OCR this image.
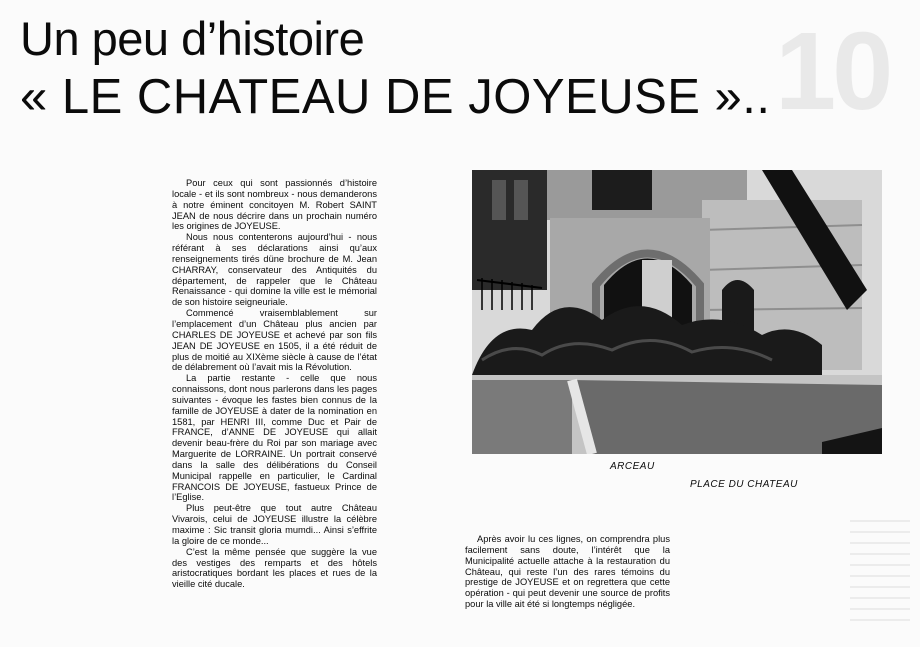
10
Un peu d’histoire
« LE CHATEAU DE JOYEUSE »..

Pour ceux qui sont passionnés d’histoire locale - et ils sont nombreux - nous demanderons à notre éminent concitoyen M. Robert SAINT JEAN de nous décrire dans un prochain numéro les origines de JOYEUSE.

Nous nous contenterons aujourd’hui - nous référant à ses déclarations ainsi qu’aux renseignements tirés düne brochure de M. Jean CHARRAY, conservateur des Antiquités du département, de rappeler que le Château Renaissance - qui domine la ville est le mémorial de son histoire seigneuriale.

Commencé vraisemblablement sur l’emplacement d’un Château plus ancien par CHARLES DE JOYEUSE et achevé par son fils JEAN DE JOYEUSE en 1505, il a été réduit de plus de moitié au XIXème siècle à cause de l’état de délabrement où l’avait mis la Révolution.

La partie restante - celle que nous connaissons, dont nous parlerons dans les pages suivantes - évoque les fastes bien connus de la famille de JOYEUSE à dater de la nomination en 1581, par HENRI III, comme Duc et Pair de FRANCE, d’ANNE DE JOYEUSE qui allait devenir beau-frère du Roi par son mariage avec Marguerite de LORRAINE. Un portrait conservé dans la salle des délibérations du Conseil Municipal rappelle en particulier, le Cardinal FRANCOIS DE JOYEUSE, fastueux Prince de l’Eglise.

Plus peut-être que tout autre Château Vivarois, celui de JOYEUSE illustre la célèbre maxime : Sic transit gloria mumdi... Ainsi s’effrite la gloire de ce monde...

C’est la même pensée que suggère la vue des vestiges des remparts et des hôtels aristocratiques bordant les places et rues de la vieille cité ducale.

ARCEAU
PLACE DU CHATEAU

Après avoir lu ces lignes, on comprendra plus facilement sans doute, l’intérêt que la Municipalité actuelle attache à la restauration du Château, qui reste l’un des rares témoins du prestige de JOYEUSE et on regrettera que cette opération - qui peut devenir une source de profits pour la ville ait été si longtemps négligée.
